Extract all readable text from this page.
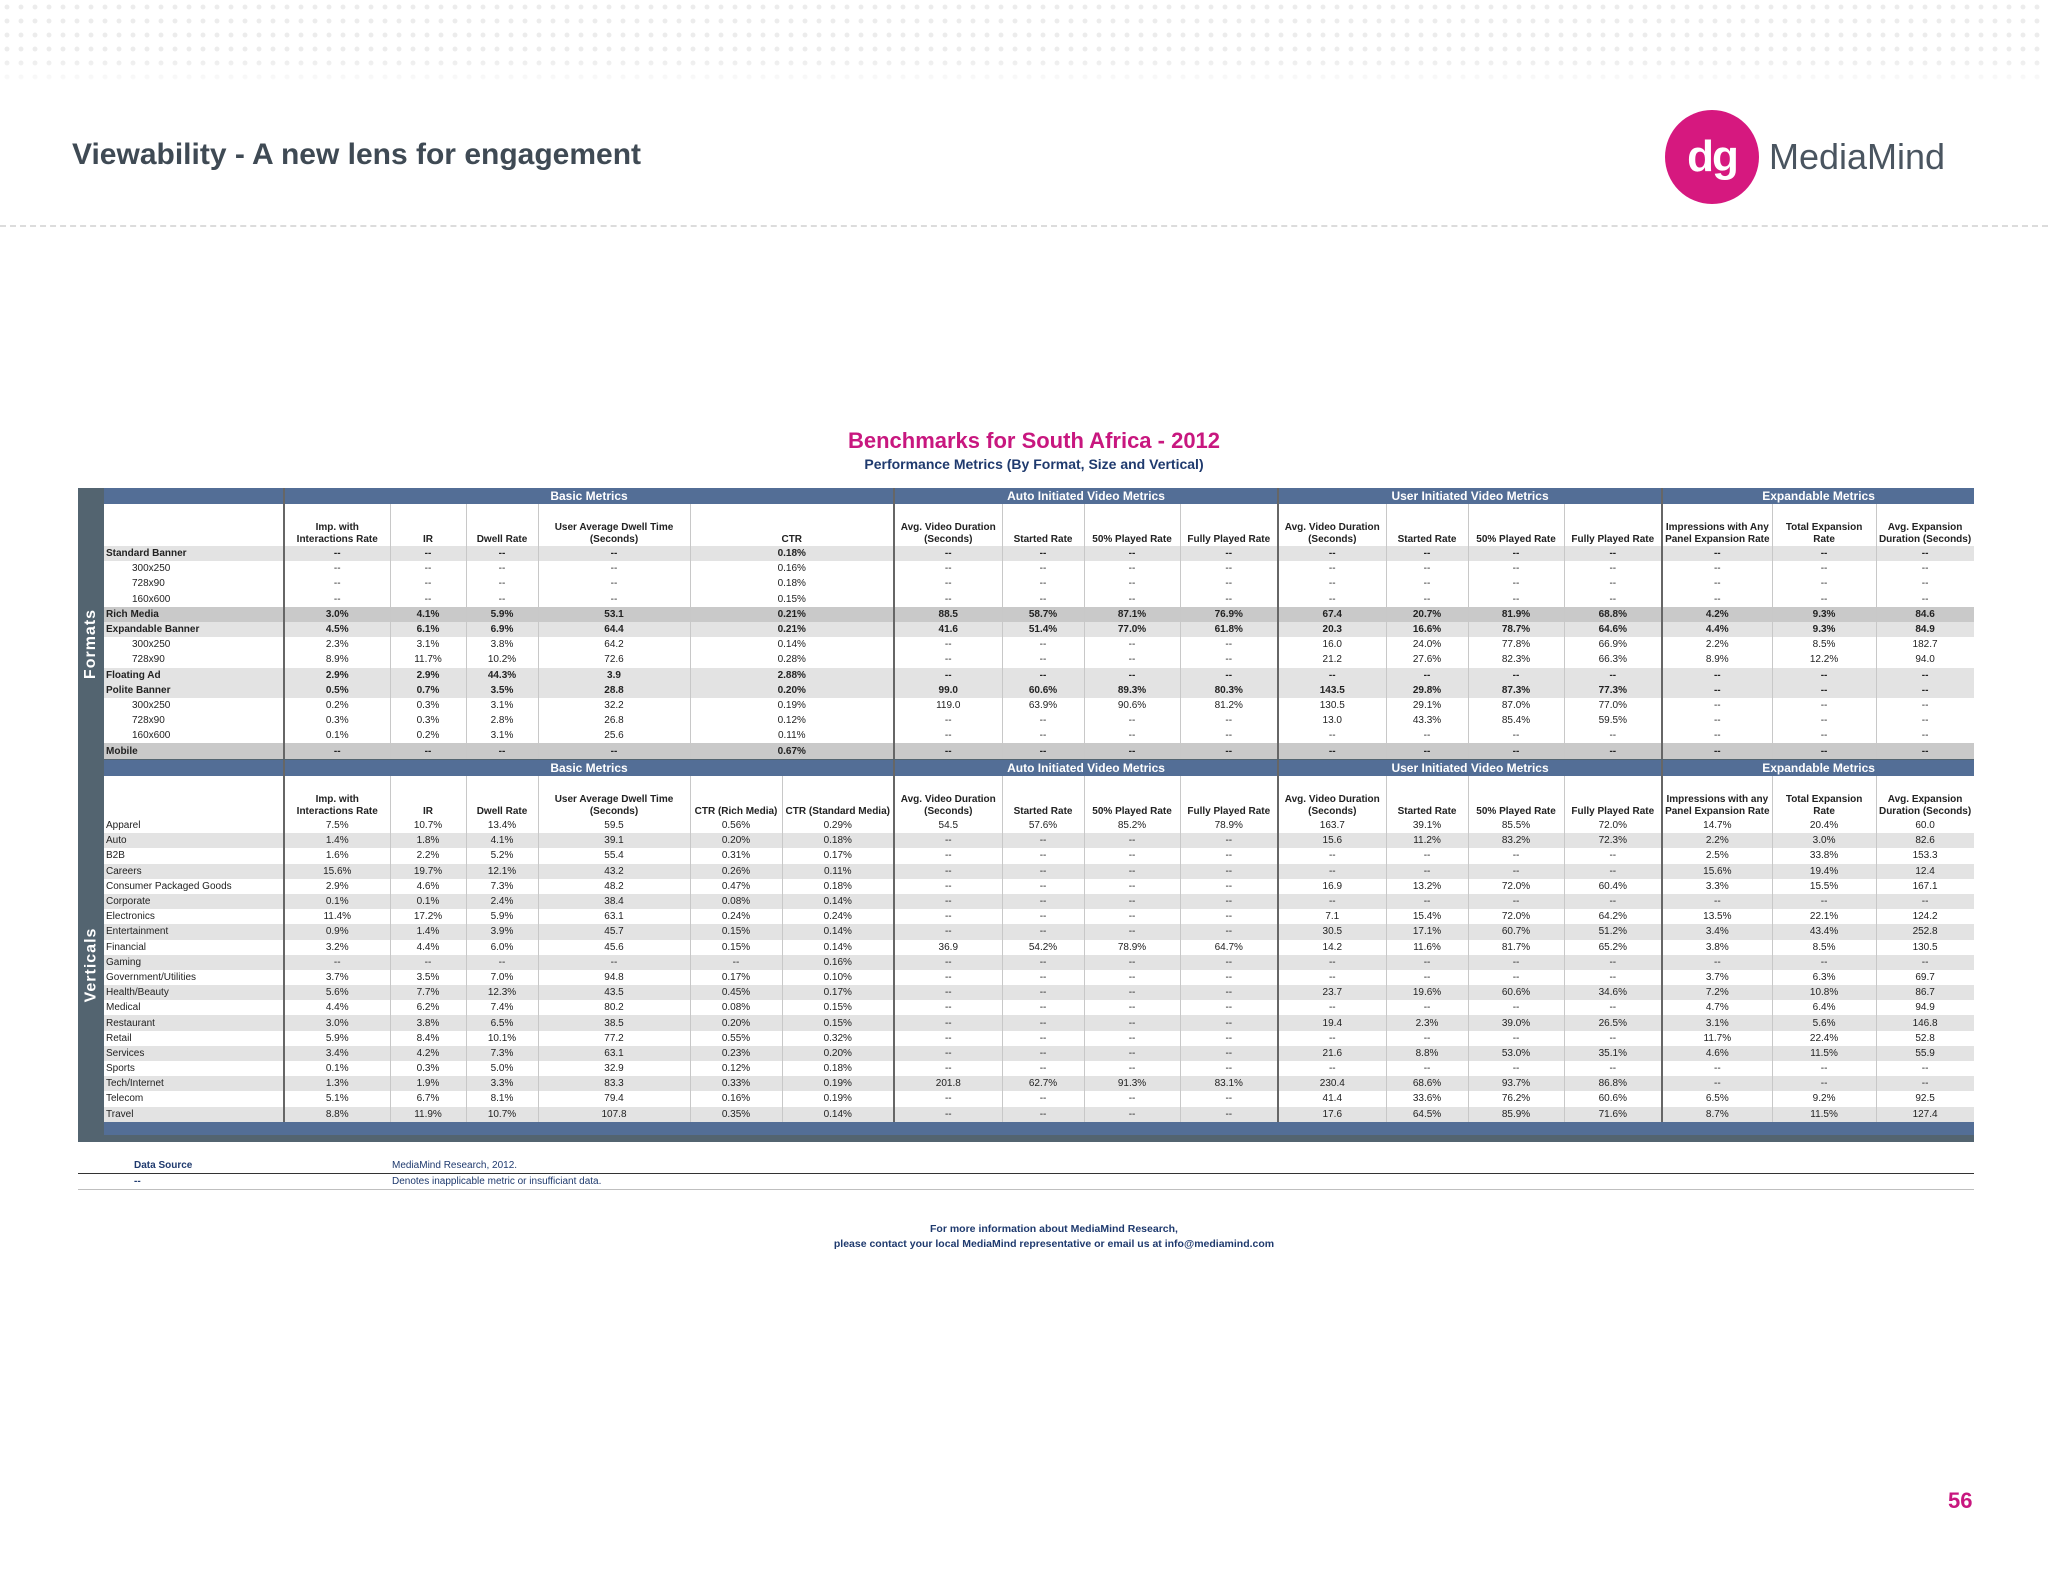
Viewability - A new lens for engagement	dg MediaMind
Benchmarks for South Africa - 2012
Performance Metrics (By Format, Size and Vertical)
Formats
Verticals
	Basic Metrics					Auto Initiated Video Metrics				User Initiated Video Metrics				Expandable Metrics		
	Imp. with Interactions Rate	IR	Dwell Rate	User Average Dwell Time (Seconds)	CTR	Avg. Video Duration (Seconds)	Started Rate	50% Played Rate	Fully Played Rate	Avg. Video Duration (Seconds)	Started Rate	50% Played Rate	Fully Played Rate	Impressions with Any Panel Expansion Rate	Total Expansion Rate	Avg. Expansion Duration (Seconds)
Standard Banner	--	--	--	--	0.18%	--	--	--	--	--	--	--	--	--	--	--
300x250	--	--	--	--	0.16%	--	--	--	--	--	--	--	--	--	--	--
728x90	--	--	--	--	0.18%	--	--	--	--	--	--	--	--	--	--	--
160x600	--	--	--	--	0.15%	--	--	--	--	--	--	--	--	--	--	--
Rich Media	3.0%	4.1%	5.9%	53.1	0.21%	88.5	58.7%	87.1%	76.9%	67.4	20.7%	81.9%	68.8%	4.2%	9.3%	84.6
Expandable Banner	4.5%	6.1%	6.9%	64.4	0.21%	41.6	51.4%	77.0%	61.8%	20.3	16.6%	78.7%	64.6%	4.4%	9.3%	84.9
300x250	2.3%	3.1%	3.8%	64.2	0.14%	--	--	--	--	16.0	24.0%	77.8%	66.9%	2.2%	8.5%	182.7
728x90	8.9%	11.7%	10.2%	72.6	0.28%	--	--	--	--	21.2	27.6%	82.3%	66.3%	8.9%	12.2%	94.0
Floating Ad	2.9%	2.9%	44.3%	3.9	2.88%	--	--	--	--	--	--	--	--	--	--	--
Polite Banner	0.5%	0.7%	3.5%	28.8	0.20%	99.0	60.6%	89.3%	80.3%	143.5	29.8%	87.3%	77.3%	--	--	--
300x250	0.2%	0.3%	3.1%	32.2	0.19%	119.0	63.9%	90.6%	81.2%	130.5	29.1%	87.0%	77.0%	--	--	--
728x90	0.3%	0.3%	2.8%	26.8	0.12%	--	--	--	--	13.0	43.3%	85.4%	59.5%	--	--	--
160x600	0.1%	0.2%	3.1%	25.6	0.11%	--	--	--	--	--	--	--	--	--	--	--
Mobile	--	--	--	--	0.67%	--	--	--	--	--	--	--	--	--	--	--
	Basic Metrics						Auto Initiated Video Metrics				User Initiated Video Metrics				Expandable Metrics		
	Imp. with Interactions Rate	IR	Dwell Rate	User Average Dwell Time (Seconds)	CTR (Rich Media)	CTR (Standard Media)	Avg. Video Duration (Seconds)	Started Rate	50% Played Rate	Fully Played Rate	Avg. Video Duration (Seconds)	Started Rate	50% Played Rate	Fully Played Rate	Impressions with any Panel Expansion Rate	Total Expansion Rate	Avg. Expansion Duration (Seconds)
Apparel	7.5%	10.7%	13.4%	59.5	0.56%	0.29%	54.5	57.6%	85.2%	78.9%	163.7	39.1%	85.5%	72.0%	14.7%	20.4%	60.0
Auto	1.4%	1.8%	4.1%	39.1	0.20%	0.18%	--	--	--	--	15.6	11.2%	83.2%	72.3%	2.2%	3.0%	82.6
B2B	1.6%	2.2%	5.2%	55.4	0.31%	0.17%	--	--	--	--	--	--	--	--	2.5%	33.8%	153.3
Careers	15.6%	19.7%	12.1%	43.2	0.26%	0.11%	--	--	--	--	--	--	--	--	15.6%	19.4%	12.4
Consumer Packaged Goods	2.9%	4.6%	7.3%	48.2	0.47%	0.18%	--	--	--	--	16.9	13.2%	72.0%	60.4%	3.3%	15.5%	167.1
Corporate	0.1%	0.1%	2.4%	38.4	0.08%	0.14%	--	--	--	--	--	--	--	--	--	--	--
Electronics	11.4%	17.2%	5.9%	63.1	0.24%	0.24%	--	--	--	--	7.1	15.4%	72.0%	64.2%	13.5%	22.1%	124.2
Entertainment	0.9%	1.4%	3.9%	45.7	0.15%	0.14%	--	--	--	--	30.5	17.1%	60.7%	51.2%	3.4%	43.4%	252.8
Financial	3.2%	4.4%	6.0%	45.6	0.15%	0.14%	36.9	54.2%	78.9%	64.7%	14.2	11.6%	81.7%	65.2%	3.8%	8.5%	130.5
Gaming	--	--	--	--	--	0.16%	--	--	--	--	--	--	--	--	--	--	--
Government/Utilities	3.7%	3.5%	7.0%	94.8	0.17%	0.10%	--	--	--	--	--	--	--	--	3.7%	6.3%	69.7
Health/Beauty	5.6%	7.7%	12.3%	43.5	0.45%	0.17%	--	--	--	--	23.7	19.6%	60.6%	34.6%	7.2%	10.8%	86.7
Medical	4.4%	6.2%	7.4%	80.2	0.08%	0.15%	--	--	--	--	--	--	--	--	4.7%	6.4%	94.9
Restaurant	3.0%	3.8%	6.5%	38.5	0.20%	0.15%	--	--	--	--	19.4	2.3%	39.0%	26.5%	3.1%	5.6%	146.8
Retail	5.9%	8.4%	10.1%	77.2	0.55%	0.32%	--	--	--	--	--	--	--	--	11.7%	22.4%	52.8
Services	3.4%	4.2%	7.3%	63.1	0.23%	0.20%	--	--	--	--	21.6	8.8%	53.0%	35.1%	4.6%	11.5%	55.9
Sports	0.1%	0.3%	5.0%	32.9	0.12%	0.18%	--	--	--	--	--	--	--	--	--	--	--
Tech/Internet	1.3%	1.9%	3.3%	83.3	0.33%	0.19%	201.8	62.7%	91.3%	83.1%	230.4	68.6%	93.7%	86.8%	--	--	--
Telecom	5.1%	6.7%	8.1%	79.4	0.16%	0.19%	--	--	--	--	41.4	33.6%	76.2%	60.6%	6.5%	9.2%	92.5
Travel	8.8%	11.9%	10.7%	107.8	0.35%	0.14%	--	--	--	--	17.6	64.5%	85.9%	71.6%	8.7%	11.5%	127.4

Data Source	MediaMind Research, 2012.
--	Denotes inapplicable metric or insufficiant data.
For more information about MediaMind Research,
please contact your local MediaMind representative or email us at info@mediamind.com
56
